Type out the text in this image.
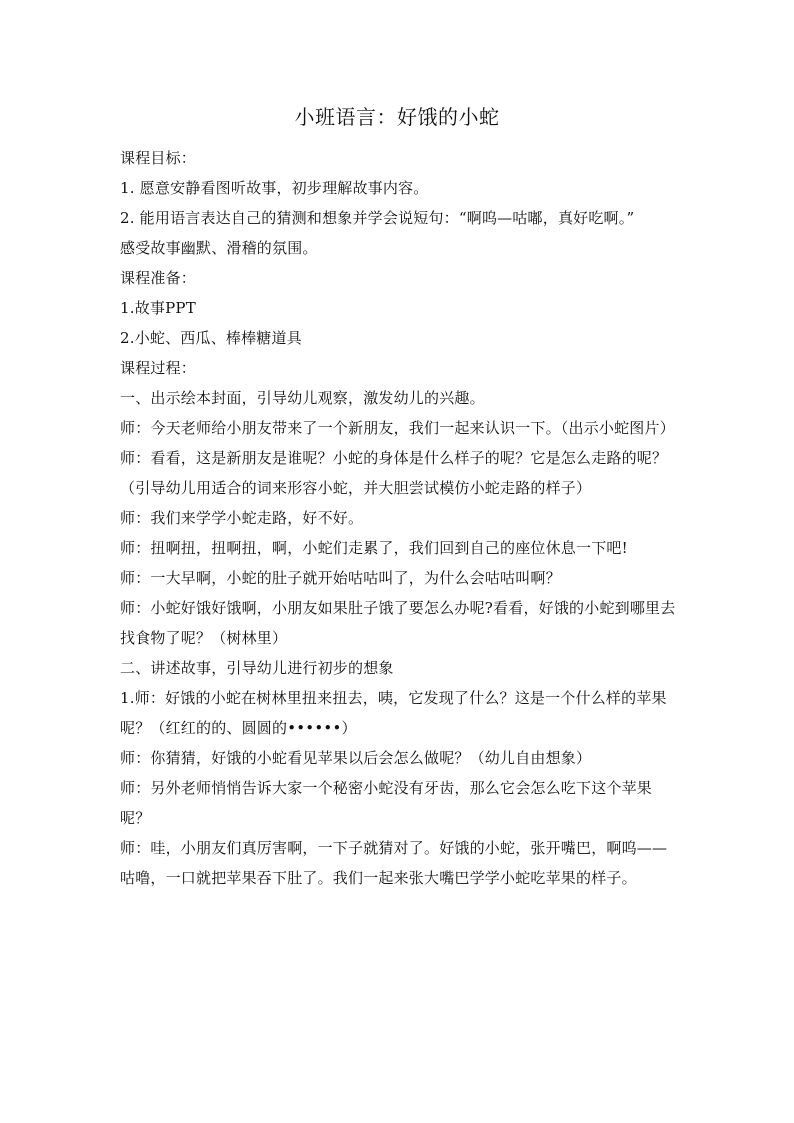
小班语言：好饿的小蛇

课程目标：

1. 愿意安静看图听故事，初步理解故事内容。

2. 能用语言表达自己的猜测和想象并学会说短句：“啊呜—咕嘟，真好吃啊。”

感受故事幽默、滑稽的氛围。

课程准备：

1.故事PPT

2.小蛇、西瓜、棒棒糖道具

课程过程：

一、出示绘本封面，引导幼儿观察，激发幼儿的兴趣。

师：今天老师给小朋友带来了一个新朋友，我们一起来认识一下。（出示小蛇图片）

师：看看，这是新朋友是谁呢？小蛇的身体是什么样子的呢？它是怎么走路的呢？（引导幼儿用适合的词来形容小蛇，并大胆尝试模仿小蛇走路的样子）

师：我们来学学小蛇走路，好不好。

师：扭啊扭，扭啊扭，啊，小蛇们走累了，我们回到自己的座位休息一下吧!

师：一大早啊，小蛇的肚子就开始咕咕叫了，为什么会咕咕叫啊？

师：小蛇好饿好饿啊，小朋友如果肚子饿了要怎么办呢?看看，好饿的小蛇到哪里去找食物了呢？（树林里）

二、讲述故事，引导幼儿进行初步的想象

1.师：好饿的小蛇在树林里扭来扭去，咦，它发现了什么？这是一个什么样的苹果呢？（红红的的、圆圆的••••••）

师：你猜猜，好饿的小蛇看见苹果以后会怎么做呢？（幼儿自由想象）

师：另外老师悄悄告诉大家一个秘密小蛇没有牙齿，那么它会怎么吃下这个苹果呢？

师：哇，小朋友们真厉害啊，一下子就猜对了。好饿的小蛇，张开嘴巴，啊呜——咕噜，一口就把苹果吞下肚了。我们一起来张大嘴巴学学小蛇吃苹果的样子。
